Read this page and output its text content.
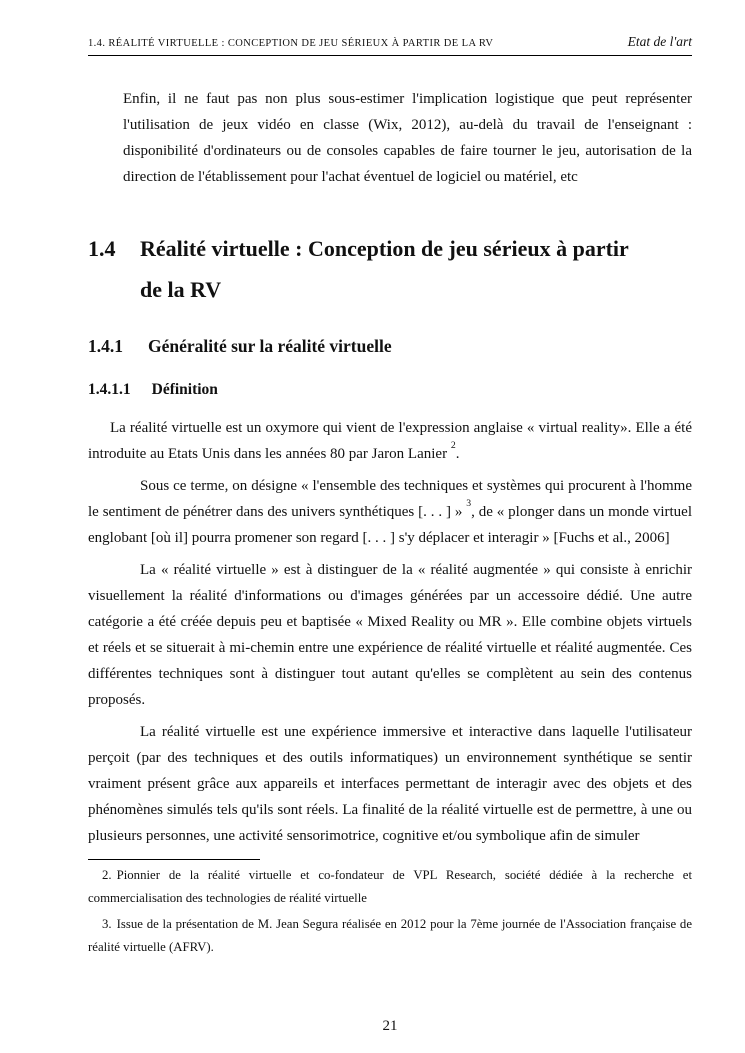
1.4. RÉALITÉ VIRTUELLE : CONCEPTION DE JEU SÉRIEUX À PARTIR DE LA RV	Etat de l'art

Enfin, il ne faut pas non plus sous-estimer l'implication logistique que peut représenter l'utilisation de jeux vidéo en classe (Wix, 2012), au-delà du travail de l'enseignant : disponibilité d'ordinateurs ou de consoles capables de faire tourner le jeu, autorisation de la direction de l'établissement pour l'achat éventuel de logiciel ou matériel, etc

1.4	Réalité virtuelle : Conception de jeu sérieux à partir
de la RV
1.4.1 Généralité sur la réalité virtuelle
1.4.1.1 Définition

La réalité virtuelle est un oxymore qui vient de l'expression anglaise « virtual reality». Elle a été introduite au Etats Unis dans les années 80 par Jaron Lanier $^2$.

Sous ce terme, on désigne « l'ensemble des techniques et systèmes qui procurent à l'homme le sentiment de pénétrer dans des univers synthétiques [. . . ] » $^3$, de « plonger dans un monde virtuel englobant [où il] pourra promener son regard [. . . ] s'y déplacer et interagir » [Fuchs et al., 2006]

La « réalité virtuelle » est à distinguer de la « réalité augmentée » qui consiste à enrichir visuellement la réalité d'informations ou d'images générées par un accessoire dédié. Une autre catégorie a été créée depuis peu et baptisée « Mixed Reality ou MR ». Elle combine objets virtuels et réels et se situerait à mi-chemin entre une expérience de réalité virtuelle et réalité augmentée. Ces différentes techniques sont à distinguer tout autant qu'elles se complètent au sein des contenus proposés.

La réalité virtuelle est une expérience immersive et interactive dans laquelle l'utilisateur perçoit (par des techniques et des outils informatiques) un environnement synthétique se sentir vraiment présent grâce aux appareils et interfaces permettant de interagir avec des objets et des phénomènes simulés tels qu'ils sont réels. La finalité de la réalité virtuelle est de permettre, à une ou plusieurs personnes, une activité sensorimotrice, cognitive et/ou symbolique afin de simuler

2. Pionnier de la réalité virtuelle et co-fondateur de VPL Research, société dédiée à la recherche et commercialisation des technologies de réalité virtuelle

3. Issue de la présentation de M. Jean Segura réalisée en 2012 pour la 7ème journée de l'Association française de réalité virtuelle (AFRV).

21
